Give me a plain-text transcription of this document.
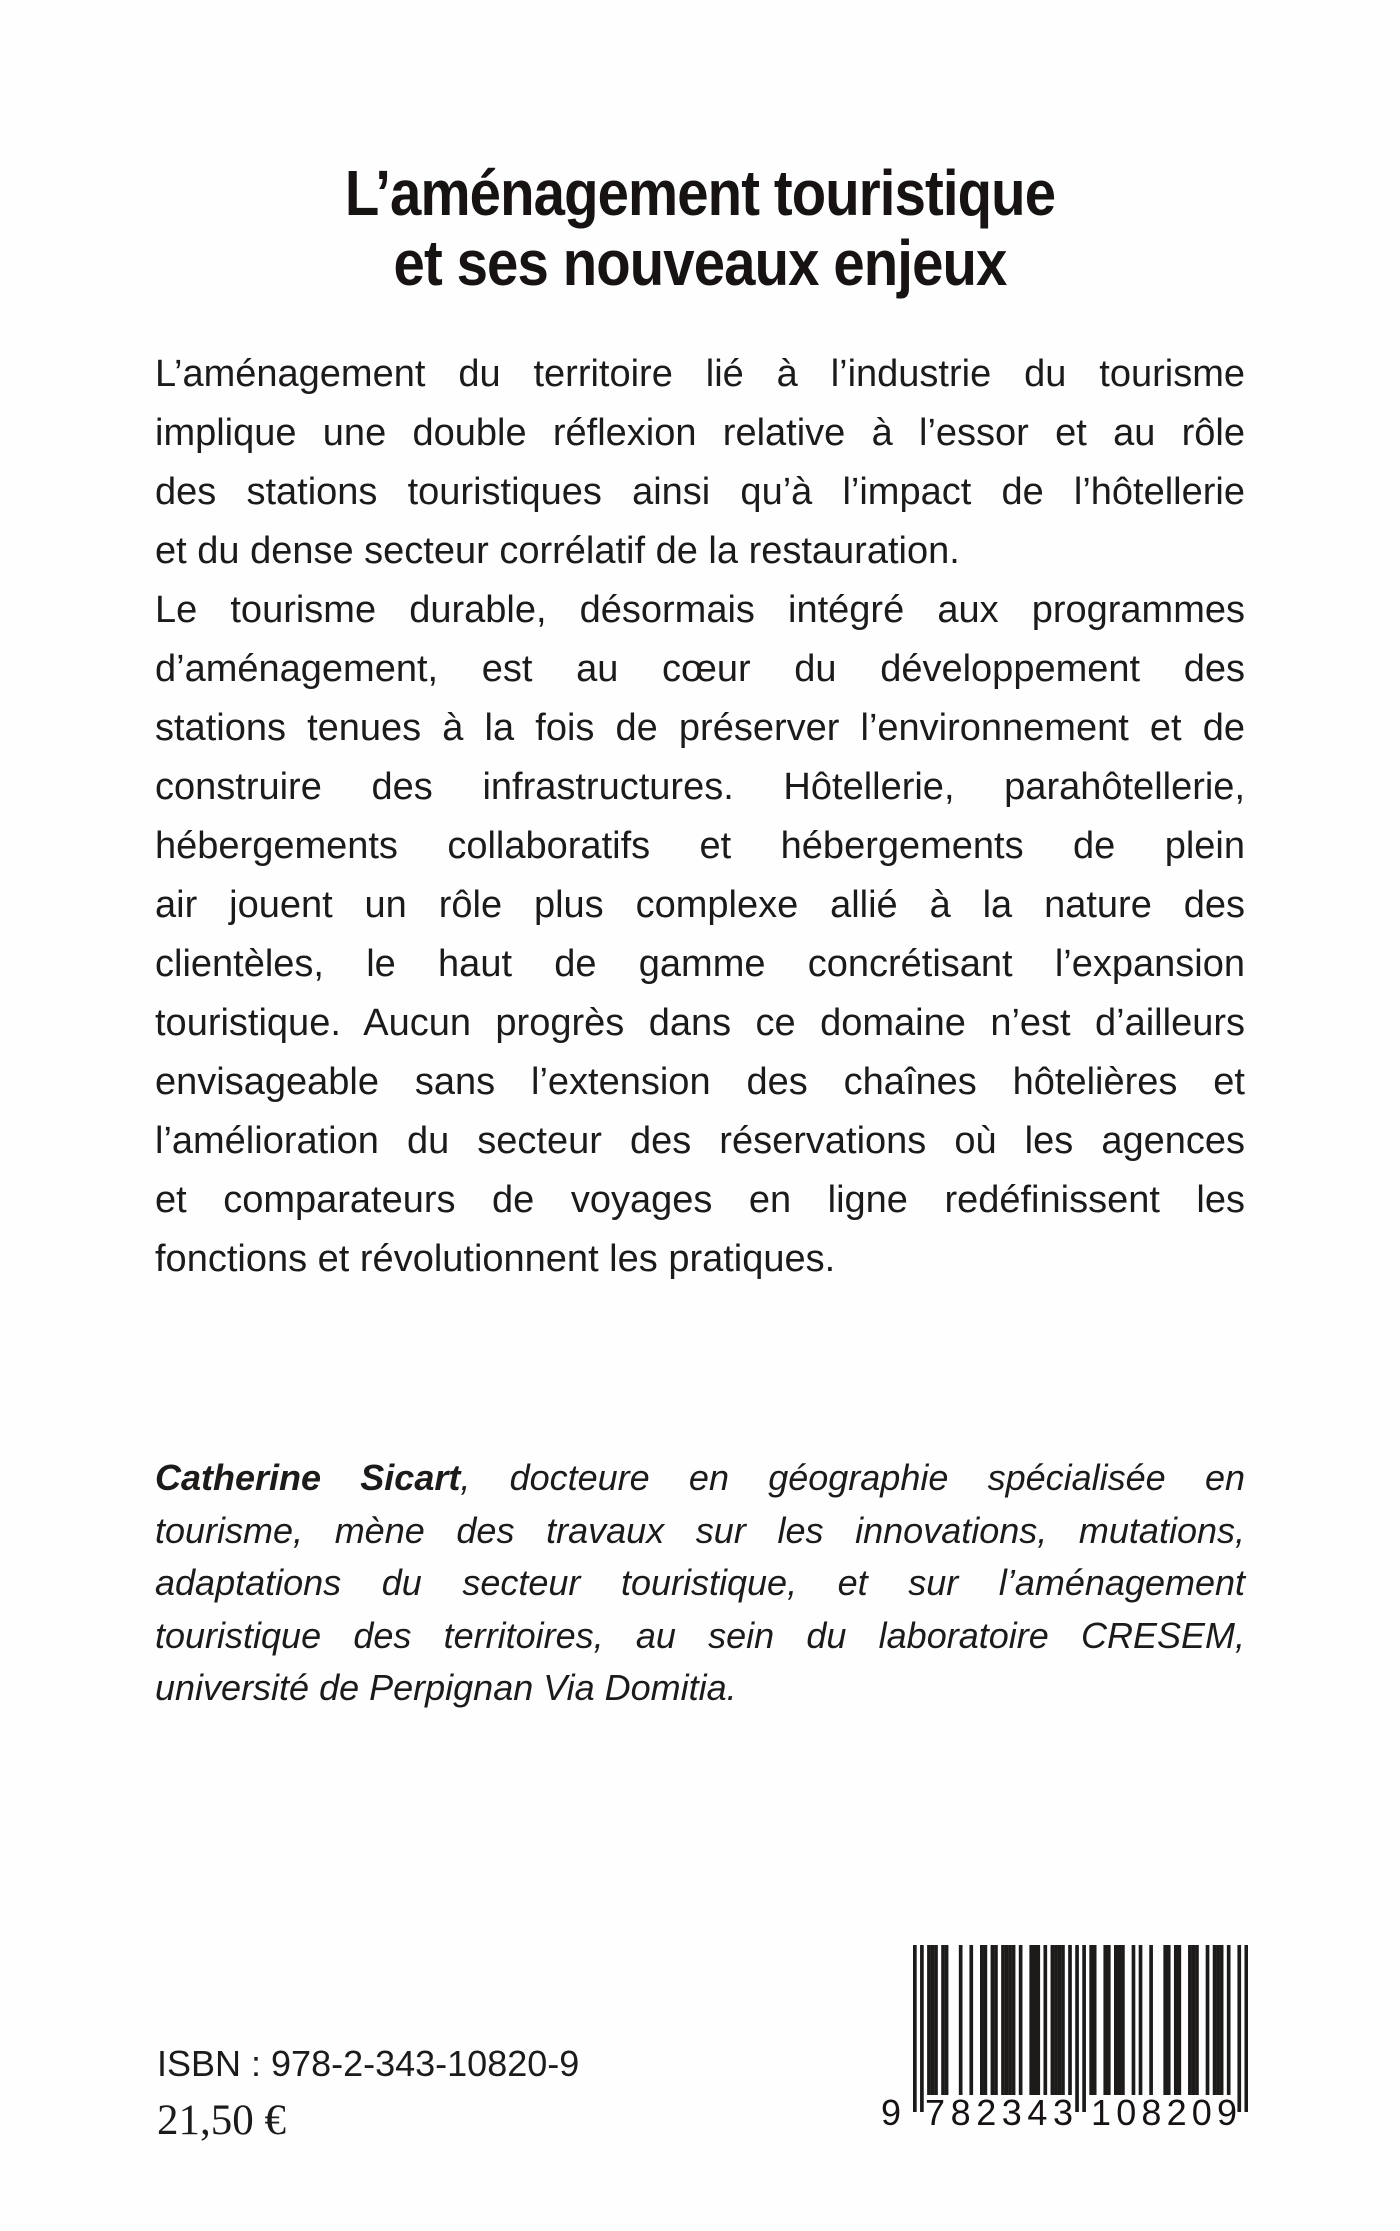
L’aménagement touristique
et ses nouveaux enjeux
L’aménagement du territoire lié à l’industrie du tourisme
implique une double réflexion relative à l’essor et au rôle
des stations touristiques ainsi qu’à l’impact de l’hôtellerie
et du dense secteur corrélatif de la restauration.
Le tourisme durable, désormais intégré aux programmes
d’aménagement, est au cœur du développement des
stations tenues à la fois de préserver l’environnement et de
construire des infrastructures. Hôtellerie, parahôtellerie,
hébergements collaboratifs et hébergements de plein
air jouent un rôle plus complexe allié à la nature des
clientèles, le haut de gamme concrétisant l’expansion
touristique. Aucun progrès dans ce domaine n’est d’ailleurs
envisageable sans l’extension des chaînes hôtelières et
l’amélioration du secteur des réservations où les agences
et comparateurs de voyages en ligne redéfinissent les
fonctions et révolutionnent les pratiques.
Catherine Sicart, docteure en géographie spécialisée en
tourisme, mène des travaux sur les innovations, mutations,
adaptations du secteur touristique, et sur l’aménagement
touristique des territoires, au sein du laboratoire CRESEM,
université de Perpignan Via Domitia.
ISBN : 978-2-343-10820-9
21,50 €	9 7 8 2 3 4 3 1 0 8 2 0 9
